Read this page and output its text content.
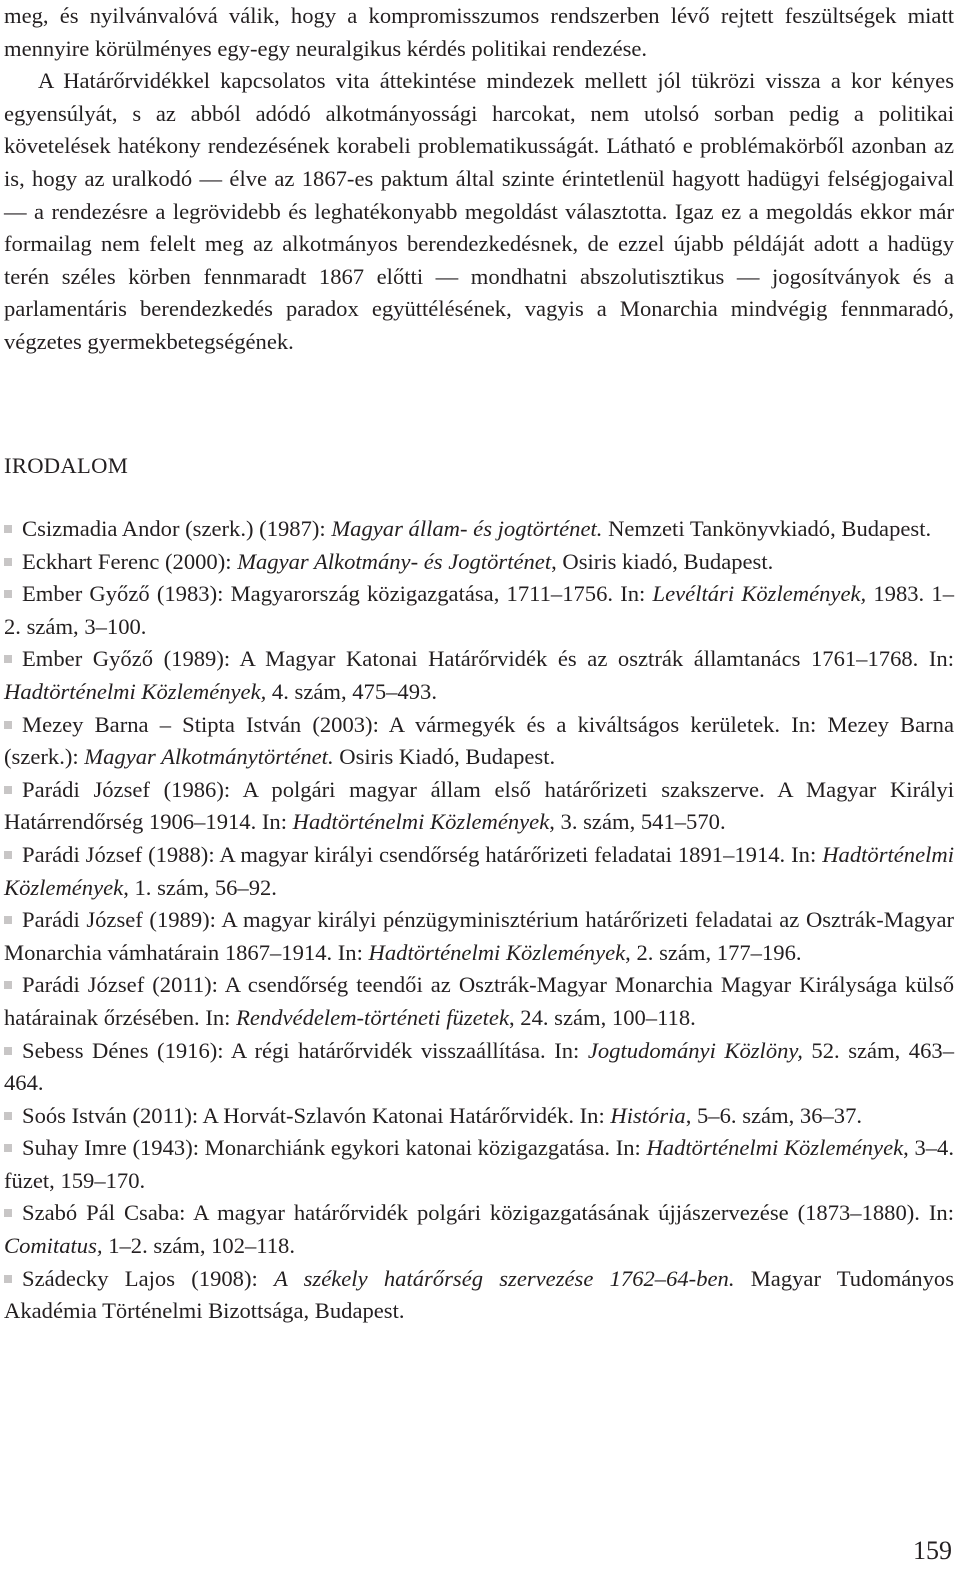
meg, és nyilvánvalóvá válik, hogy a kompromisszumos rendszerben lévő rejtett feszültségek miatt mennyire körülményes egy-egy neuralgikus kérdés politikai rendezése.

A Határőrvidékkel kapcsolatos vita áttekintése mindezek mellett jól tükrözi vissza a kor kényes egyensúlyát, s az abból adódó alkotmányossági harcokat, nem utolsó sorban pedig a politikai követelések hatékony rendezésének korabeli problematikusságát. Látható e problémakörből azonban az is, hogy az uralkodó — élve az 1867-es paktum által szinte érintetlenül hagyott hadügyi felségjogaival — a rendezésre a legrövidebb és leghatékonyabb megoldást választotta. Igaz ez a megoldás ekkor már formailag nem felelt meg az alkotmányos berendezkedésnek, de ezzel újabb példáját adott a hadügy terén széles körben fennmaradt 1867 előtti — mondhatni abszolutisztikus — jogosítványok és a parlamentáris berendezkedés paradox együttélésének, vagyis a Monarchia mindvégig fennmaradó, végzetes gyermekbetegségének.

IRODALOM
Csizmadia Andor (szerk.) (1987): Magyar állam- és jogtörténet. Nemzeti Tankönyvkiadó, Budapest.
Eckhart Ferenc (2000): Magyar Alkotmány- és Jogtörténet, Osiris kiadó, Budapest.
Ember Győző (1983): Magyarország közigazgatása, 1711–1756. In: Levéltári Közlemények, 1983. 1–2. szám, 3–100.
Ember Győző (1989): A Magyar Katonai Határőrvidék és az osztrák államtanács 1761–1768. In: Hadtörténelmi Közlemények, 4. szám, 475–493.
Mezey Barna – Stipta István (2003): A vármegyék és a kiváltságos kerületek. In: Mezey Barna (szerk.): Magyar Alkotmánytörténet. Osiris Kiadó, Budapest.
Parádi József (1986): A polgári magyar állam első határőrizeti szakszerve. A Magyar Királyi Határrendőrség 1906–1914. In: Hadtörténelmi Közlemények, 3. szám, 541–570.
Parádi József (1988): A magyar királyi csendőrség határőrizeti feladatai 1891–1914. In: Hadtörténelmi Közlemények, 1. szám, 56–92.
Parádi József (1989): A magyar királyi pénzügyminisztérium határőrizeti feladatai az Osztrák-Magyar Monarchia vámhatárain 1867–1914. In: Hadtörténelmi Közlemények, 2. szám, 177–196.
Parádi József (2011): A csendőrség teendői az Osztrák-Magyar Monarchia Magyar Királysága külső határainak őrzésében. In: Rendvédelem-történeti füzetek, 24. szám, 100–118.
Sebess Dénes (1916): A régi határőrvidék visszaállítása. In: Jogtudományi Közlöny, 52. szám, 463–464.
Soós István (2011): A Horvát-Szlavón Katonai Határőrvidék. In: História, 5–6. szám, 36–37.
Suhay Imre (1943): Monarchiánk egykori katonai közigazgatása. In: Hadtörténelmi Közlemények, 3–4. füzet, 159–170.
Szabó Pál Csaba: A magyar határőrvidék polgári közigazgatásának újjászervezése (1873–1880). In: Comitatus, 1–2. szám, 102–118.
Szádecky Lajos (1908): A székely határőrség szervezése 1762–64-ben. Magyar Tudományos Akadémia Történelmi Bizottsága, Budapest.
159
